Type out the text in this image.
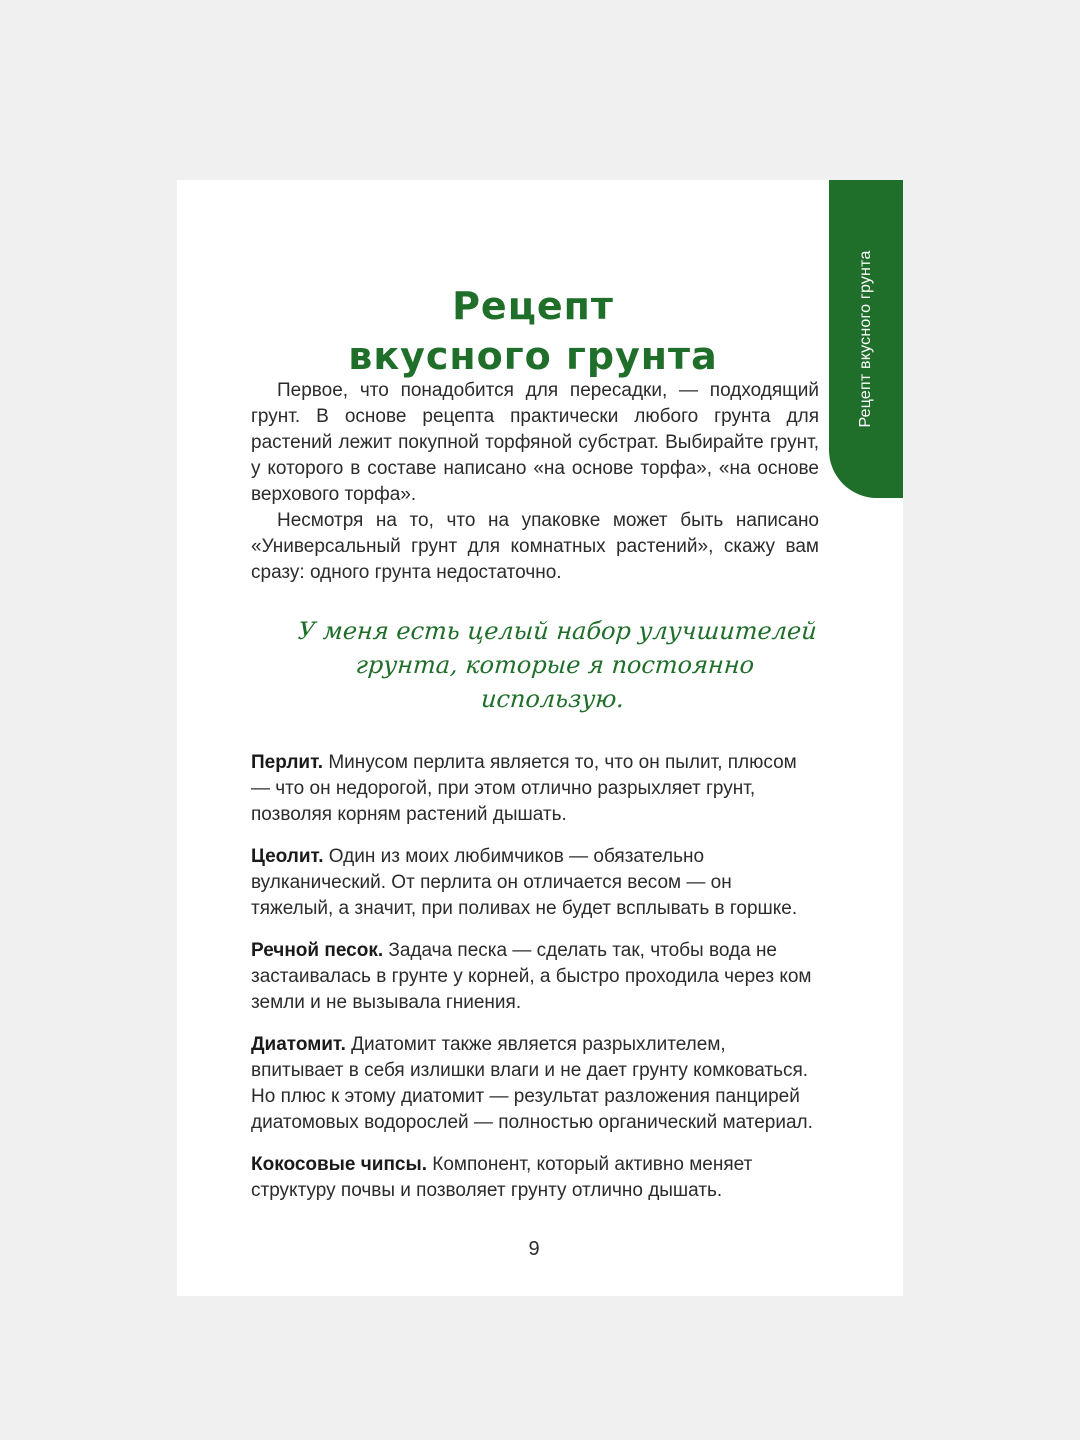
Рецепт вкусного грунта
Рецепт
вкусного грунта

Первое, что понадобится для пересадки, — подходящий грунт. В основе рецепта практически любого грунта для растений лежит покупной торфяной субстрат. Выбирайте грунт, у которого в составе написано «на основе торфа», «на основе верхового торфа».

Несмотря на то, что на упаковке может быть написано «Универсальный грунт для комнатных растений», скажу вам сразу: одного грунта недостаточно.

У меня есть целый набор улучшителей грунта, которые я постоянно использую.

Перлит. Минусом перлита является то, что он пылит, плюсом — что он недорогой, при этом отлично разрыхляет грунт, позволяя корням растений дышать.

Цеолит. Один из моих любимчиков — обязательно вулканический. От перлита он отличается весом — он тяжелый, а значит, при поливах не будет всплывать в горшке.

Речной песок. Задача песка — сделать так, чтобы вода не застаивалась в грунте у корней, а быстро проходила через ком земли и не вызывала гниения.

Диатомит. Диатомит также является разрыхлителем, впитывает в себя излишки влаги и не дает грунту комковаться. Но плюс к этому диатомит — результат разложения панцирей диатомовых водорослей — полностью органический материал.

Кокосовые чипсы. Компонент, который активно меняет структуру почвы и позволяет грунту отлично дышать.

9
